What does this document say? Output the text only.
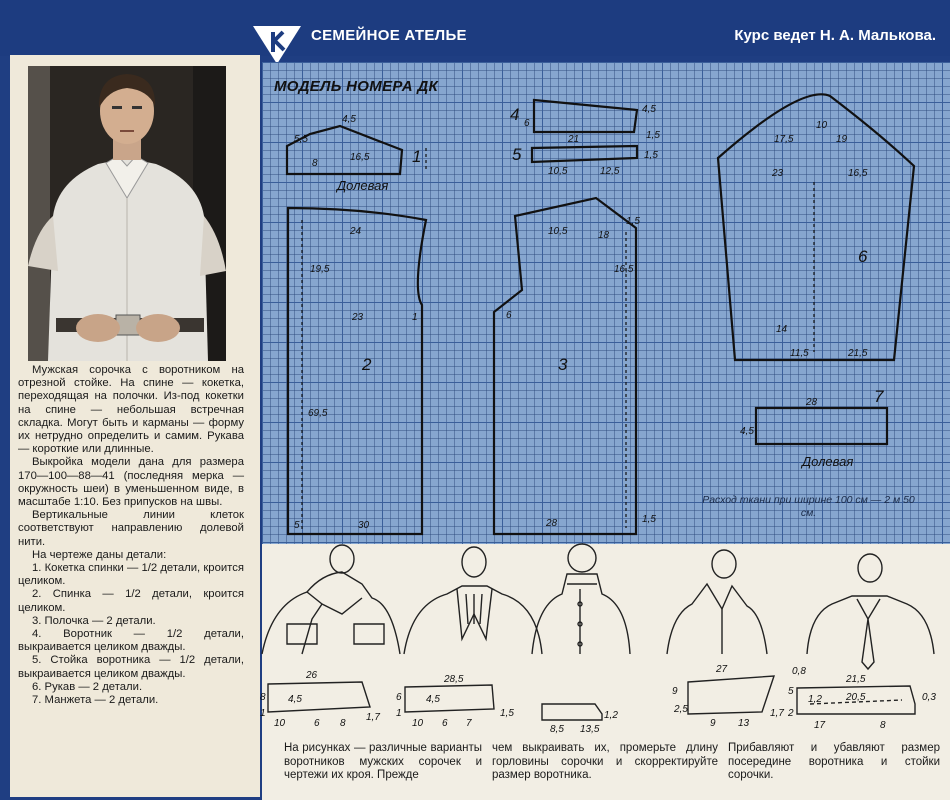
СЕМЕЙНОЕ АТЕЛЬЕ	Курс ведет Н. А. Малькова.

Мужская сорочка с воротником на отрезной стойке. На спине — кокетка, переходящая на полочки. Из-под кокетки на спине — небольшая встречная складка. Могут быть и карманы — форму их нетрудно определить и самим. Рукава — короткие или длинные.

Выкройка модели дана для размера 170—100—88—41 (последняя мерка — окружность шеи) в уменьшенном виде, в масштабе 1:10. Без припусков на швы.

Вертикальные линии клеток соответствуют направлению долевой нити.

На чертеже даны детали:

1. Кокетка спинки — 1/2 детали, кроится целиком.

2. Спинка — 1/2 детали, кроится целиком.

3. Полочка — 2 детали.

4. Воротник — 1/2 детали, выкраивается целиком дважды.

5. Стойка воротника — 1/2 детали, выкраивается целиком дважды.

6. Рукав — 2 детали.

7. Манжета — 2 детали.

МОДЕЛЬ НОМЕРА ДК
1
4
5
2	3
6
7
Долевая
Долевая
5,5
16,5
8
4,5	6
21	1,5
4,5
10,5	12,5
1,5
24
23
30
19,5
5
69,5
1
10,5	18
6
28	1,5
1,5
16,5
17,5
10
19
23	16,5
11,5	21,5
14
28
4,5
Расход ткани при ширине 100 см — 2 м 50 см.
26
8 4,5
1
10	6 8
1,7
28,5
6 4,5
1
10 6 7
1,5
8,5 13,5
1,2
27
9
2,5
9 13
1,7
21,5
5
0,8
1,2 20,5	0,3
2
17	8

На рисунках — различные варианты воротников мужских сорочек и чертежи их кроя. Прежде

чем выкраивать их, промерьте длину горловины сорочки и скорректируйте размер воротника.

Прибавляют и убавляют размер посередине воротника и стойки сорочки.
